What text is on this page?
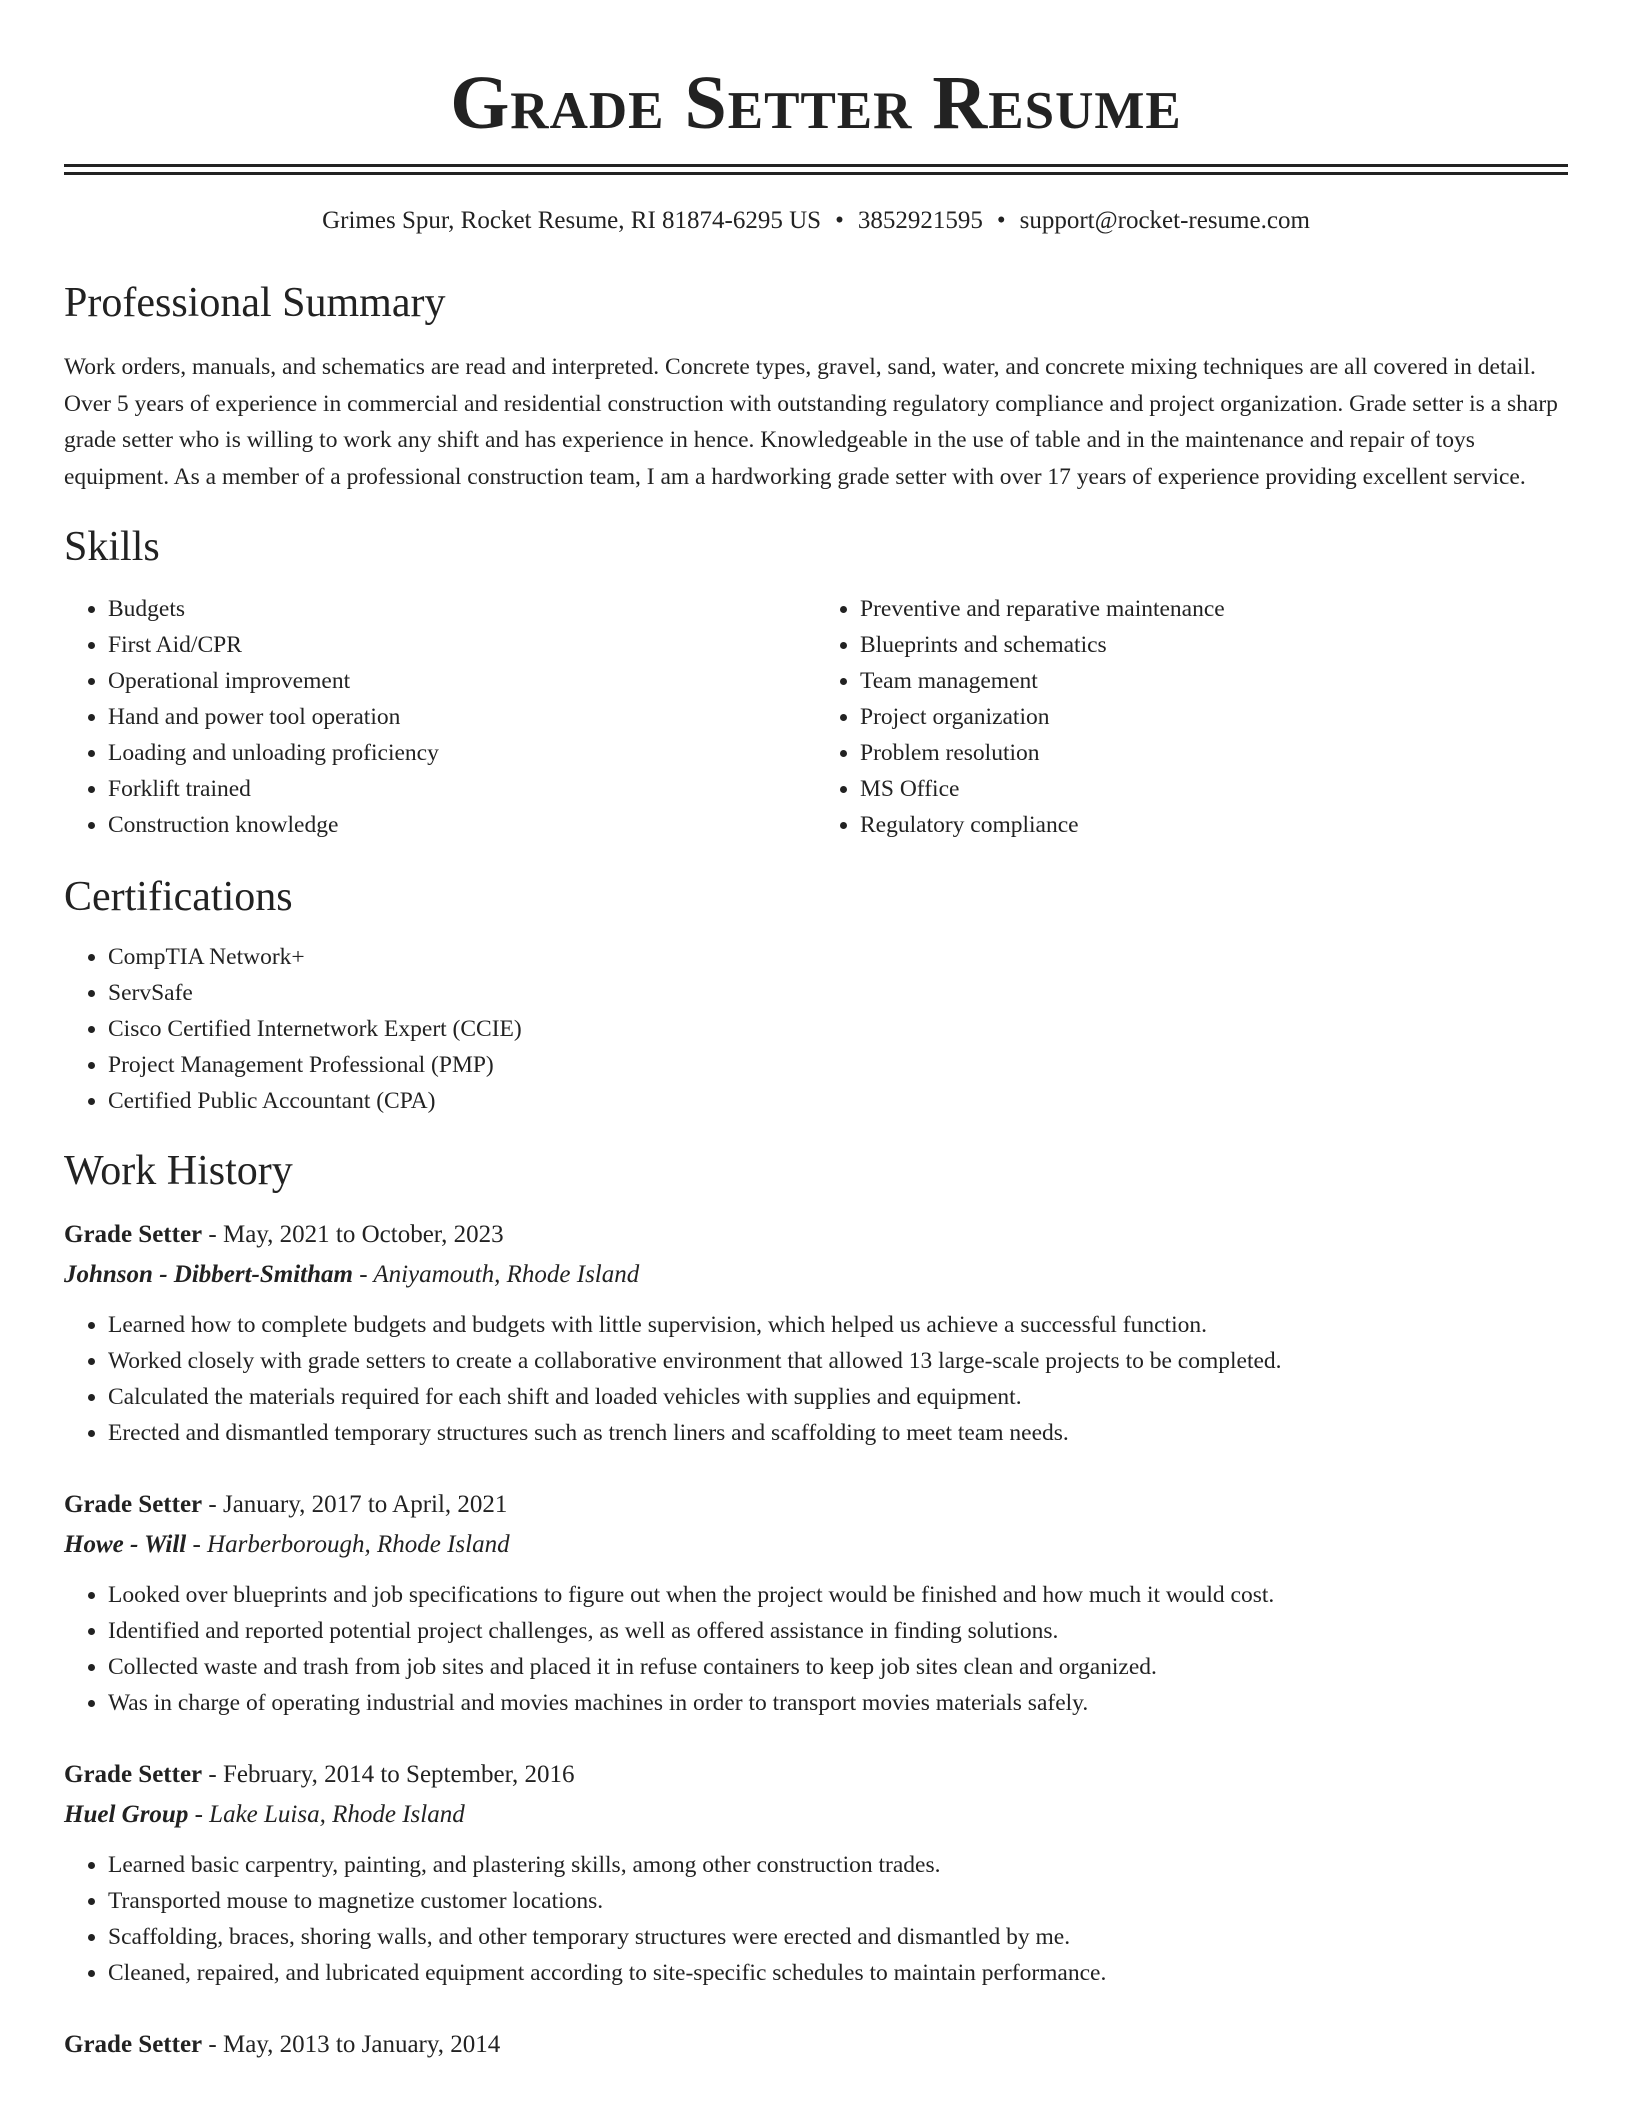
Grade Setter Resume
Grimes Spur, Rocket Resume, RI 81874-6295 US • 3852921595 • support@rocket-resume.com
Professional Summary

Work orders, manuals, and schematics are read and interpreted. Concrete types, gravel, sand, water, and concrete mixing techniques are all covered in detail. Over 5 years of experience in commercial and residential construction with outstanding regulatory compliance and project organization. Grade setter is a sharp grade setter who is willing to work any shift and has experience in hence. Knowledgeable in the use of table and in the maintenance and repair of toys equipment. As a member of a professional construction team, I am a hardworking grade setter with over 17 years of experience providing excellent service.

Skills
• Budgets
• First Aid/CPR
• Operational improvement
• Hand and power tool operation
• Loading and unloading proficiency
• Forklift trained
• Construction knowledge
• Preventive and reparative maintenance
• Blueprints and schematics
• Team management
• Project organization
• Problem resolution
• MS Office
• Regulatory compliance
Certifications
• CompTIA Network+
• ServSafe
• Cisco Certified Internetwork Expert (CCIE)
• Project Management Professional (PMP)
• Certified Public Accountant (CPA)
Work History
Grade Setter - May, 2021 to October, 2023
Johnson - Dibbert-Smitham - Aniyamouth, Rhode Island
• Learned how to complete budgets and budgets with little supervision, which helped us achieve a successful function.
• Worked closely with grade setters to create a collaborative environment that allowed 13 large-scale projects to be completed.
• Calculated the materials required for each shift and loaded vehicles with supplies and equipment.
• Erected and dismantled temporary structures such as trench liners and scaffolding to meet team needs.
Grade Setter - January, 2017 to April, 2021
Howe - Will - Harberborough, Rhode Island
• Looked over blueprints and job specifications to figure out when the project would be finished and how much it would cost.
• Identified and reported potential project challenges, as well as offered assistance in finding solutions.
• Collected waste and trash from job sites and placed it in refuse containers to keep job sites clean and organized.
• Was in charge of operating industrial and movies machines in order to transport movies materials safely.
Grade Setter - February, 2014 to September, 2016
Huel Group - Lake Luisa, Rhode Island
• Learned basic carpentry, painting, and plastering skills, among other construction trades.
• Transported mouse to magnetize customer locations.
• Scaffolding, braces, shoring walls, and other temporary structures were erected and dismantled by me.
• Cleaned, repaired, and lubricated equipment according to site-specific schedules to maintain performance.
Grade Setter - May, 2013 to January, 2014
